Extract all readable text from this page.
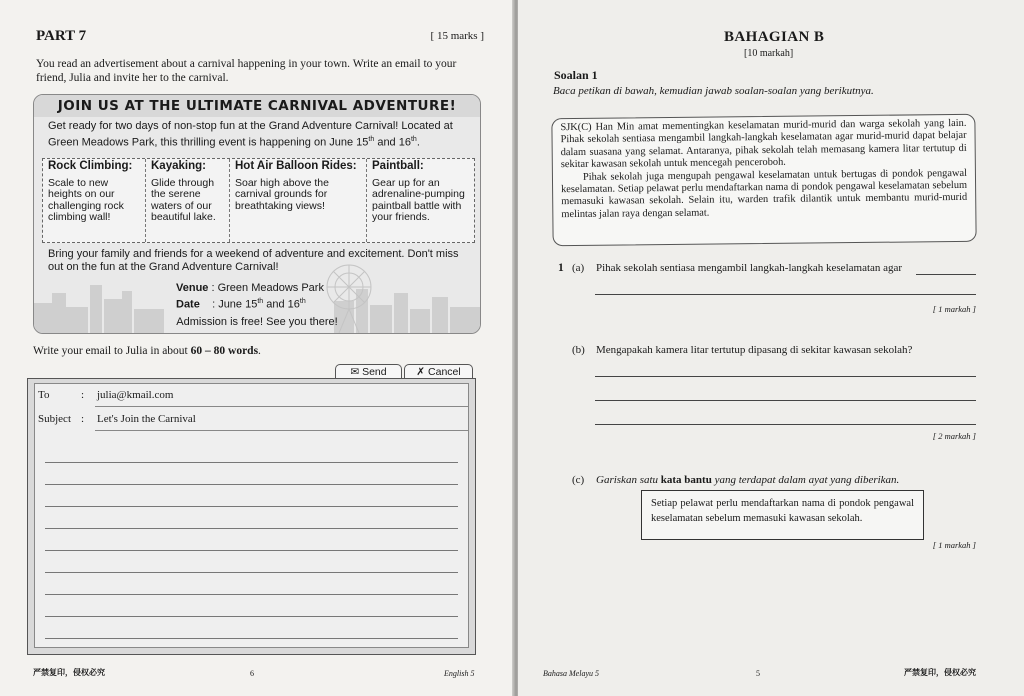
PART 7	[ 15 marks ]
You read an advertisement about a carnival happening in your town. Write an email to your friend, Julia and invite her to the carnival.
JOIN US AT THE ULTIMATE CARNIVAL ADVENTURE!
Get ready for two days of non-stop fun at the Grand Adventure Carnival! Located at Green Meadows Park, this thrilling event is happening on June 15th and 16th.
Rock Climbing:
Scale to new heights on our challenging rock climbing wall!
Kayaking:
Glide through the serene waters of our beautiful lake.
Hot Air Balloon Rides:
Soar high above the carnival grounds for breathtaking views!
Paintball:
Gear up for an adrenaline-pumping paintball battle with your friends.
Bring your family and friends for a weekend of adventure and excitement. Don't miss out on the fun at the Grand Adventure Carnival!
Venue : Green Meadows Park
Date : June 15th and 16th
Admission is free! See you there!
Write your email to Julia in about 60 – 80 words.
✉ Send	✗ Cancel
To	: julia@kmail.com
Subject : Let's Join the Carnival
严禁复印，侵权必究	6	English 5
BAHAGIAN B
[10 markah]
Soalan 1
Baca petikan di bawah, kemudian jawab soalan-soalan yang berikutnya.

SJK(C) Han Min amat mementingkan keselamatan murid-murid dan warga sekolah yang lain. Pihak sekolah sentiasa mengambil langkah-langkah keselamatan agar murid-murid dapat belajar dalam suasana yang selamat. Antaranya, pihak sekolah telah memasang kamera litar tertutup di sekitar kawasan sekolah untuk mencegah penceroboh.

Pihak sekolah juga mengupah pengawal keselamatan untuk bertugas di pondok pengawal keselamatan. Setiap pelawat perlu mendaftarkan nama di pondok pengawal keselamatan sebelum memasuki kawasan sekolah. Selain itu, warden trafik dilantik untuk membantu murid-murid melintas jalan raya dengan selamat.

1 (a) Pihak sekolah sentiasa mengambil langkah-langkah keselamatan agar
[ 1 markah ]
(b) Mengapakah kamera litar tertutup dipasang di sekitar kawasan sekolah?
[ 2 markah ]
(c) Gariskan satu kata bantu yang terdapat dalam ayat yang diberikan.
Setiap pelawat perlu mendaftarkan nama di pondok pengawal keselamatan sebelum memasuki kawasan sekolah.
[ 1 markah ]
Bahasa Melayu 5	5	严禁复印，侵权必究
